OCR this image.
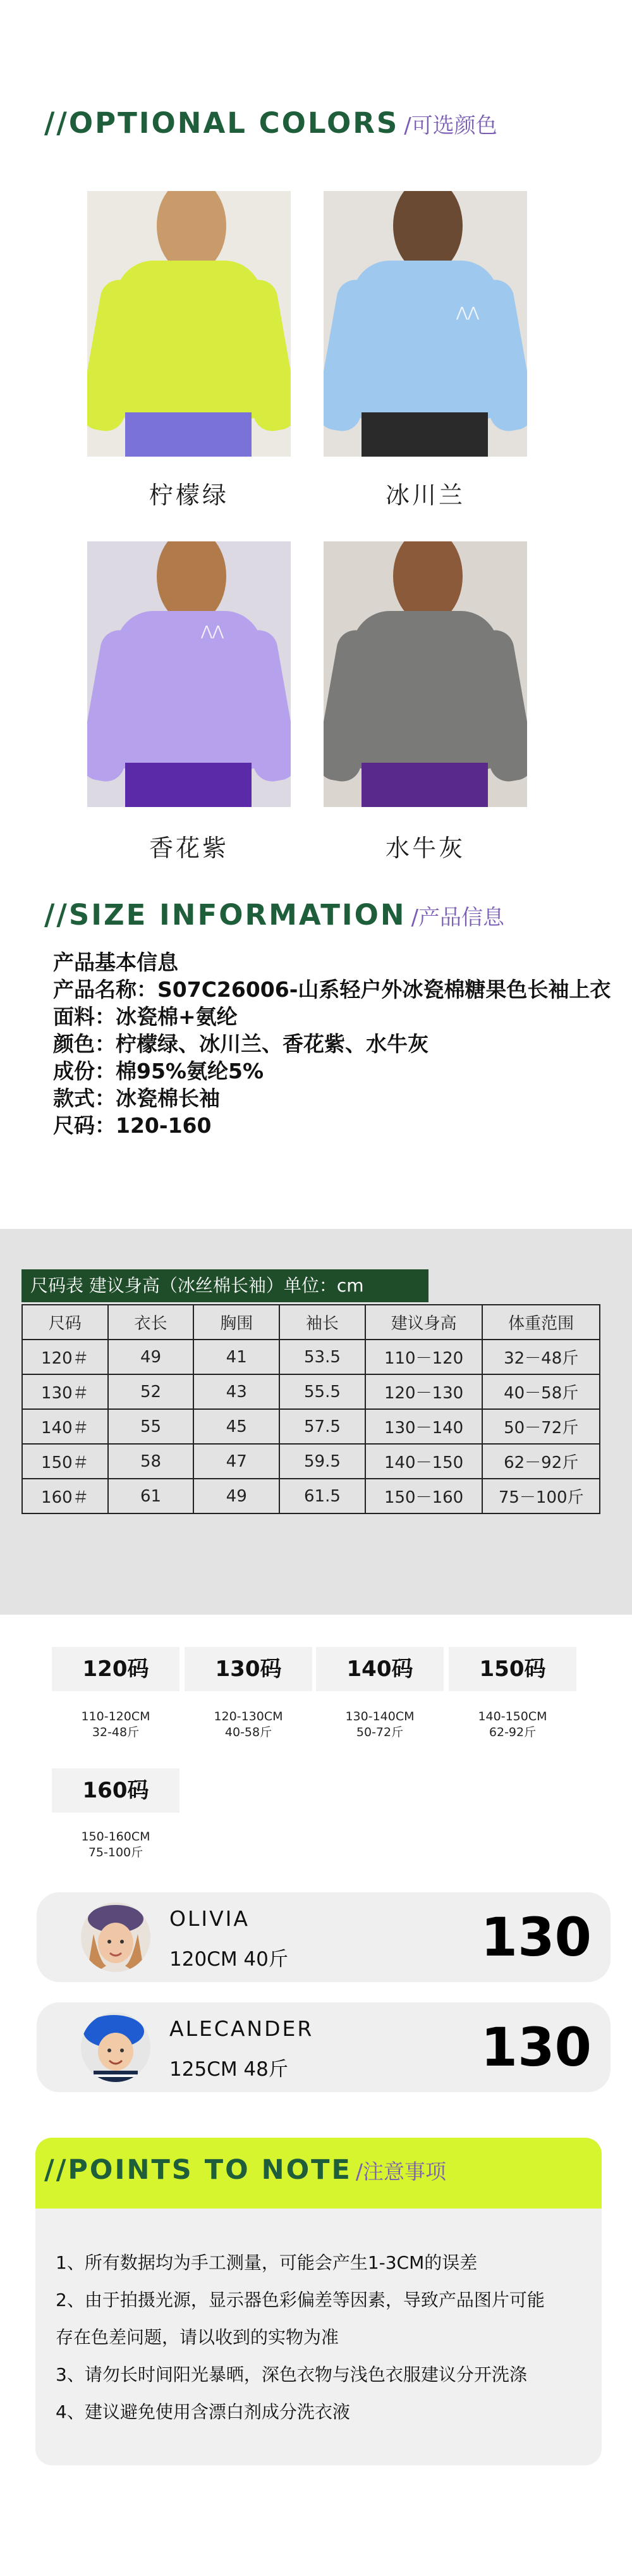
//OPTIONAL COLORS /可选颜色
柠檬绿
⋀⋀
冰川兰
⋀⋀
香花紫	水牛灰
//SIZE INFORMATION /产品信息
产品基本信息
产品名称：S07C26006-山系轻户外冰瓷棉糖果色长袖上衣
面料：冰瓷棉+氨纶
颜色：柠檬绿、冰川兰、香花紫、水牛灰
成份：棉95%氨纶5%
款式：冰瓷棉长袖
尺码：120-160
尺码表 建议身高（冰丝棉长袖）单位：cm
尺码	衣长	胸围	袖长	建议身高	体重范围
120＃	49	41	53.5	110－120	32－48斤
130＃	52	43	55.5	120－130	40－58斤
140＃	55	45	57.5	130－140	50－72斤
150＃	58	47	59.5	140－150	62－92斤
160＃	61	49	61.5	150－160	75－100斤
120码
110-120CM
32-48斤
130码
120-130CM
40-58斤
140码
130-140CM
50-72斤
150码
140-150CM
62-92斤
160码
150-160CM
75-100斤
OLIVIA
120CM 40斤	130
ALECANDER
125CM 48斤	130
//POINTS TO NOTE /注意事项
1、所有数据均为手工测量，可能会产生1-3CM的误差
2、由于拍摄光源，显示器色彩偏差等因素，导致产品图片可能
存在色差问题，请以收到的实物为准
3、请勿长时间阳光暴晒，深色衣物与浅色衣服建议分开洗涤
4、建议避免使用含漂白剂成分洗衣液
